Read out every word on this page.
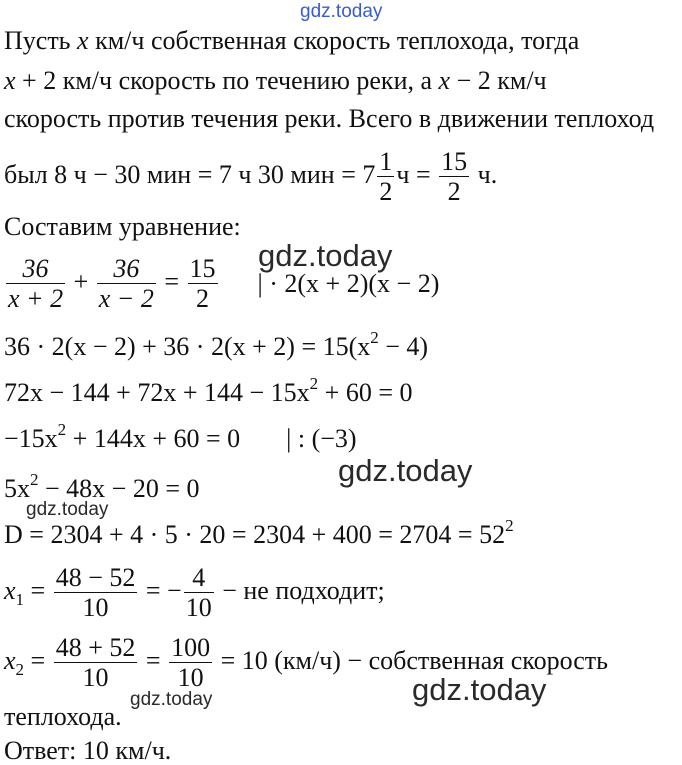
gdz.today
gdz.today
gdz.today
gdz.today
gdz.today
gdz.today
Пусть x км/ч собственная скорость теплохода, тогда
x + 2 км/ч скорость по течению реки, а x − 2 км/ч
скорость против течения реки. Всего в движении теплоход
был 8 ч − 30 мин = 7 ч 30 мин = $7 \frac{1}{2}$ $ч = \frac{15}{2} ч$.
Составим уравнение:
$\frac{36}{x + 2} + \frac{36}{x - 2} = \frac{15}{2}$ | · 2(x + 2)(x − 2)
$36 \cdot 2(x - 2) + 36 \cdot 2(x + 2) = 15(x^2 - 4)$
$72x - 144 + 72x + 144 - 15x^2 + 60 = 0$
$-15x^2 + 144x + 60 = 0$ | : (−3)
$5x^2 - 48x - 20 = 0$
$D = 2304 + 4 \cdot 5 \cdot 20 = 2304 + 400 = 2704 = 52^2$
$x_1 = \frac{48 - 52}{10}$ = − $\frac{4}{10}$ − не подходит;
$x_2 = \frac{48 + 52}{10} = \frac{100}{10} = 10$ (км/ч) − собственная скорость
теплохода.
Ответ: 10 км/ч.
